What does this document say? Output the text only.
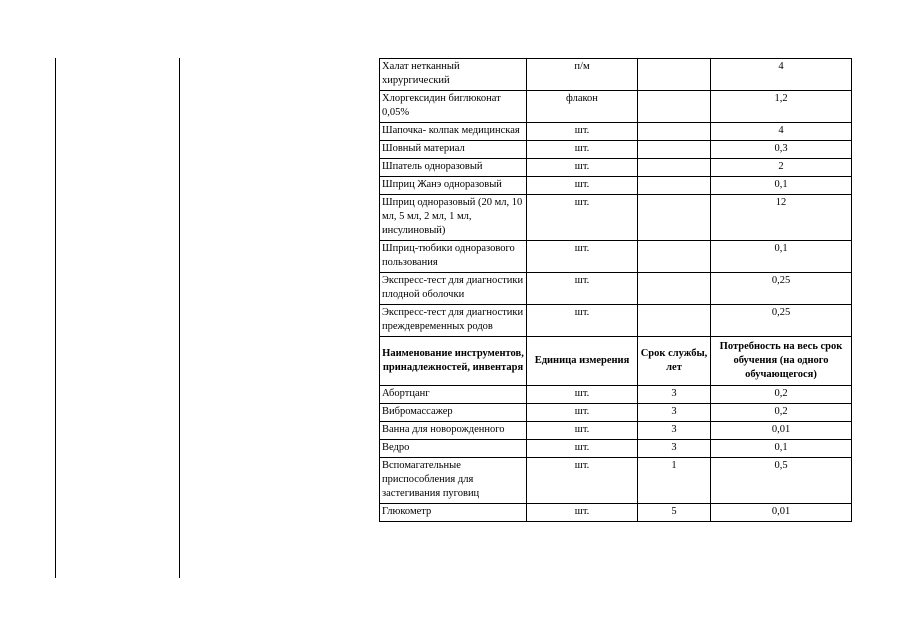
Халат нетканный хирургический	п/м		4
Хлоргексидин биглюконат 0,05%	флакон		1,2
Шапочка- колпак медицинская	шт.		4
Шовный материал	шт.		0,3
Шпатель одноразовый	шт.		2
Шприц Жанэ одноразовый	шт.		0,1
Шприц одноразовый (20 мл, 10 мл, 5 мл, 2 мл, 1 мл, инсулиновый)	шт.		12
Шприц-тюбики одноразового пользования	шт.		0,1
Экспресс-тест для диагностики плодной оболочки	шт.		0,25
Экспресс-тест для диагностики преждевременных родов	шт.		0,25
Наименование инструментов, принадлежностей, инвентаря	Единица измерения	Срок службы, лет	Потребность на весь срок обучения (на одного обучающегося)
Абортцанг	шт.	3	0,2
Вибромассажер	шт.	3	0,2
Ванна для новорожденного	шт.	3	0,01
Ведро	шт.	3	0,1
Вспомагательные приспособления для застегивания пуговиц	шт.	1	0,5
Глюкометр	шт.	5	0,01
